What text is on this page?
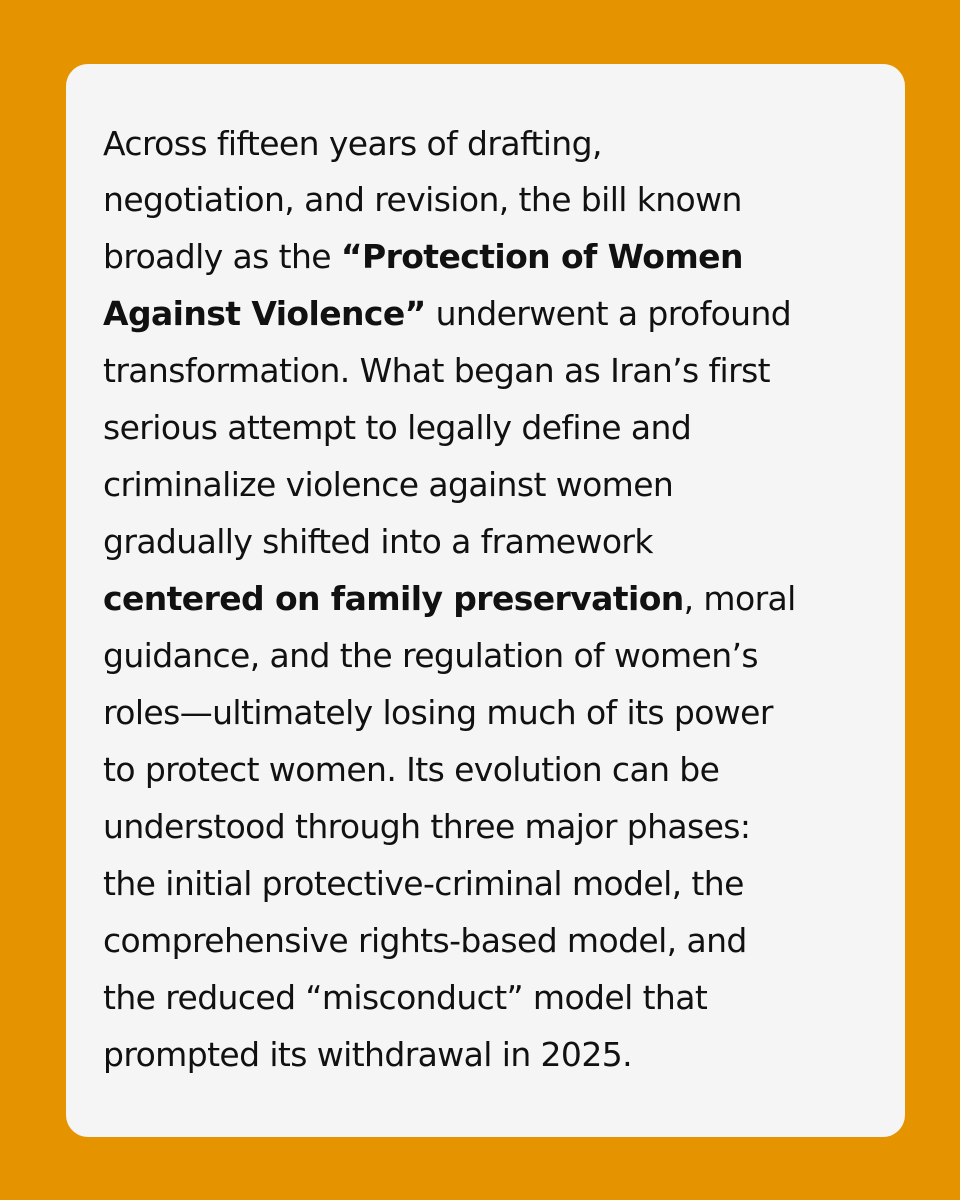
Across fifteen years of drafting,
negotiation, and revision, the bill known
broadly as the “Protection of Women
Against Violence” underwent a profound
transformation. What began as Iran’s first
serious attempt to legally define and
criminalize violence against women
gradually shifted into a framework
centered on family preservation, moral
guidance, and the regulation of women’s
roles—ultimately losing much of its power
to protect women. Its evolution can be
understood through three major phases:
the initial protective-criminal model, the
comprehensive rights-based model, and
the reduced “misconduct” model that
prompted its withdrawal in 2025.
